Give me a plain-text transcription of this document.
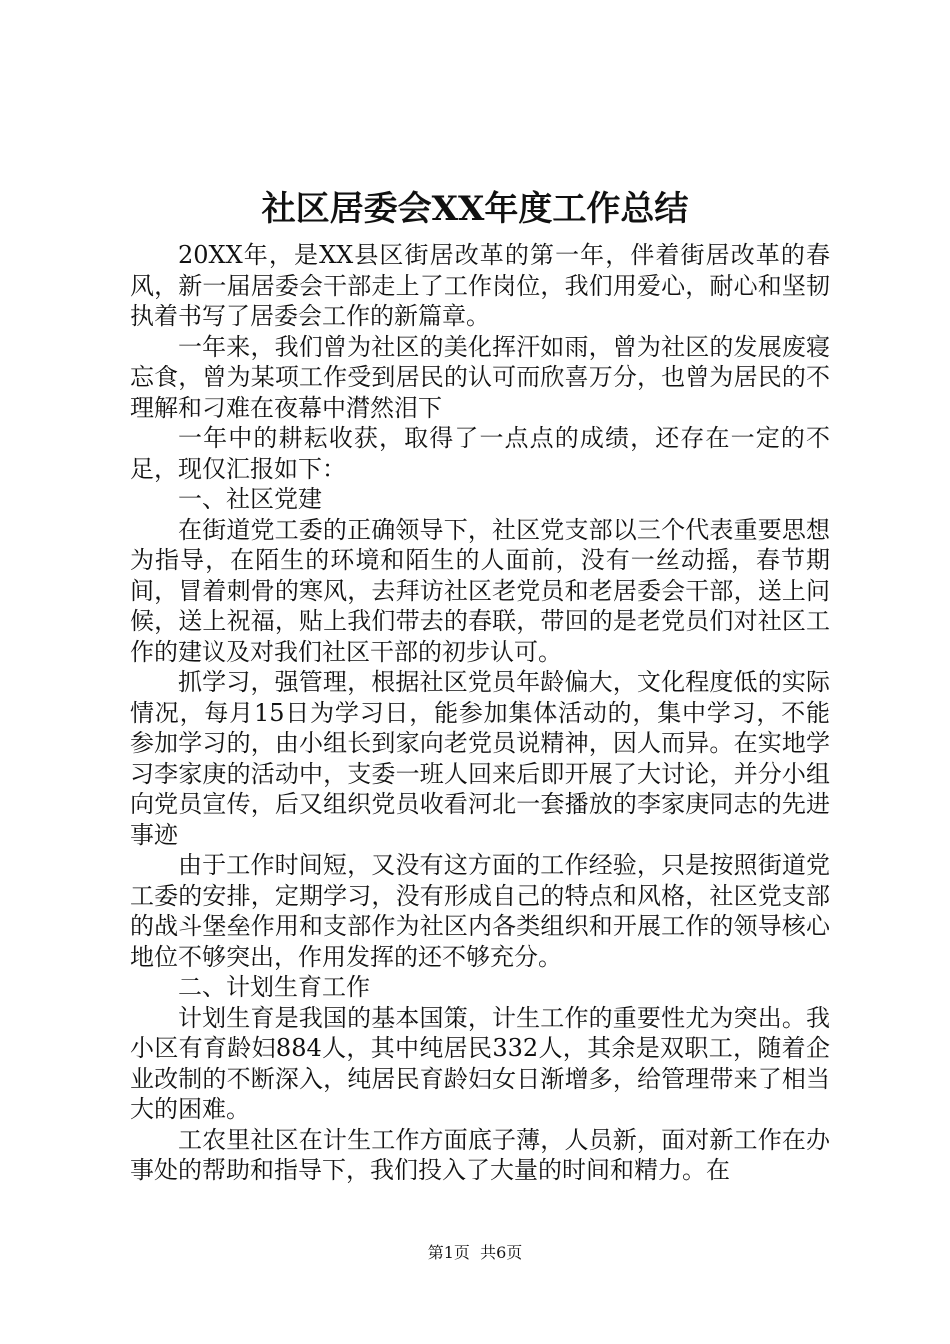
社区居委会XX年度工作总结

20XX年，是XX县区街居改革的第一年，伴着街居改革的春风，新一届居委会干部走上了工作岗位，我们用爱心，耐心和坚韧执着书写了居委会工作的新篇章。

一年来，我们曾为社区的美化挥汗如雨，曾为社区的发展废寝忘食，曾为某项工作受到居民的认可而欣喜万分，也曾为居民的不理解和刁难在夜幕中潸然泪下

一年中的耕耘收获，取得了一点点的成绩，还存在一定的不足，现仅汇报如下：

一、社区党建

在街道党工委的正确领导下，社区党支部以三个代表重要思想为指导，在陌生的环境和陌生的人面前，没有一丝动摇，春节期间，冒着刺骨的寒风，去拜访社区老党员和老居委会干部，送上问候，送上祝福，贴上我们带去的春联，带回的是老党员们对社区工作的建议及对我们社区干部的初步认可。

抓学习，强管理，根据社区党员年龄偏大，文化程度低的实际情况，每月15日为学习日，能参加集体活动的，集中学习，不能参加学习的，由小组长到家向老党员说精神，因人而异。在实地学习李家庚的活动中，支委一班人回来后即开展了大讨论，并分小组向党员宣传，后又组织党员收看河北一套播放的李家庚同志的先进事迹

由于工作时间短，又没有这方面的工作经验，只是按照街道党工委的安排，定期学习，没有形成自己的特点和风格，社区党支部的战斗堡垒作用和支部作为社区内各类组织和开展工作的领导核心地位不够突出，作用发挥的还不够充分。

二、计划生育工作

计划生育是我国的基本国策，计生工作的重要性尤为突出。我小区有育龄妇884人，其中纯居民332人，其余是双职工，随着企业改制的不断深入，纯居民育龄妇女日渐增多，给管理带来了相当大的困难。

工农里社区在计生工作方面底子薄，人员新，面对新工作在办事处的帮助和指导下，我们投入了大量的时间和精力。在

第1页  共6页
